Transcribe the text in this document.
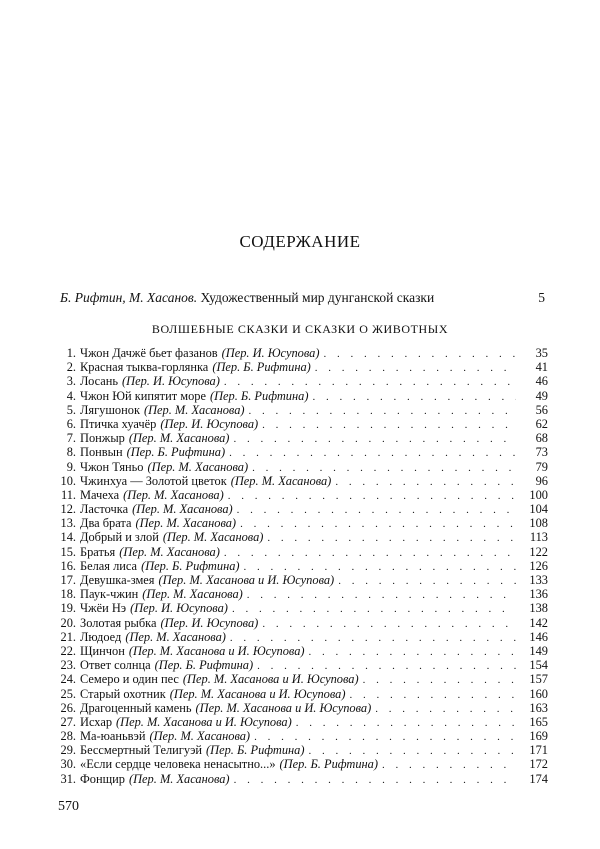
СОДЕРЖАНИЕ
Б. Рифтин, М. Хасанов. Художественный мир дунганской сказки	5
ВОЛШЕБНЫЕ СКАЗКИ И СКАЗКИ О ЖИВОТНЫХ
1. Чжон Дачжё бьет фазанов (Пер. И. Юсупова) . . .	35
2. Красная тыква-горлянка (Пер. Б. Рифтина) . . .	41
3. Лосань (Пер. И. Юсупова) . . .	46
4. Чжон Юй кипятит море (Пер. Б. Рифтина) . . .	49
5. Лягушонок (Пер. М. Хасанова) . . .	56
6. Птичка хуачёр (Пер. И. Юсупова) . . .	62
7. Понжыр (Пер. М. Хасанова) . . .	68
8. Понвын (Пер. Б. Рифтина) . . .	73
9. Чжон Тяньо (Пер. М. Хасанова) . . .	79
10. Чжинхуа — Золотой цветок (Пер. М. Хасанова) . . .	96
11. Мачеха (Пер. М. Хасанова) . . .	100
12. Ласточка (Пер. М. Хасанова) . . .	104
13. Два брата (Пер. М. Хасанова) . . .	108
14. Добрый и злой (Пер. М. Хасанова) . . .	113
15. Братья (Пер. М. Хасанова) . . .	122
16. Белая лиса (Пер. Б. Рифтина) . . .	126
17. Девушка-змея (Пер. М. Хасанова и И. Юсупова) . . .	133
18. Паук-чжин (Пер. М. Хасанова) . . .	136
19. Чжёи Нэ (Пер. И. Юсупова) . . .	138
20. Золотая рыбка (Пер. И. Юсупова) . . .	142
21. Людоед (Пер. М. Хасанова) . . .	146
22. Щинчон (Пер. М. Хасанова и И. Юсупова) . . .	149
23. Ответ солнца (Пер. Б. Рифтина) . . .	154
24. Семеро и один пес (Пер. М. Хасанова и И. Юсупова) . . .	157
25. Старый охотник (Пер. М. Хасанова и И. Юсупова) . . .	160
26. Драгоценный камень (Пер. М. Хасанова и И. Юсупова) . . .	163
27. Исхар (Пер. М. Хасанова и И. Юсупова) . . .	165
28. Ма-юаньвэй (Пер. М. Хасанова) . . .	169
29. Бессмертный Телигуэй (Пер. Б. Рифтина) . . .	171
30. «Если сердце человека ненасытно...» (Пер. Б. Рифтина) . . .	172
31. Фонщир (Пер. М. Хасанова) . . .	174
570
